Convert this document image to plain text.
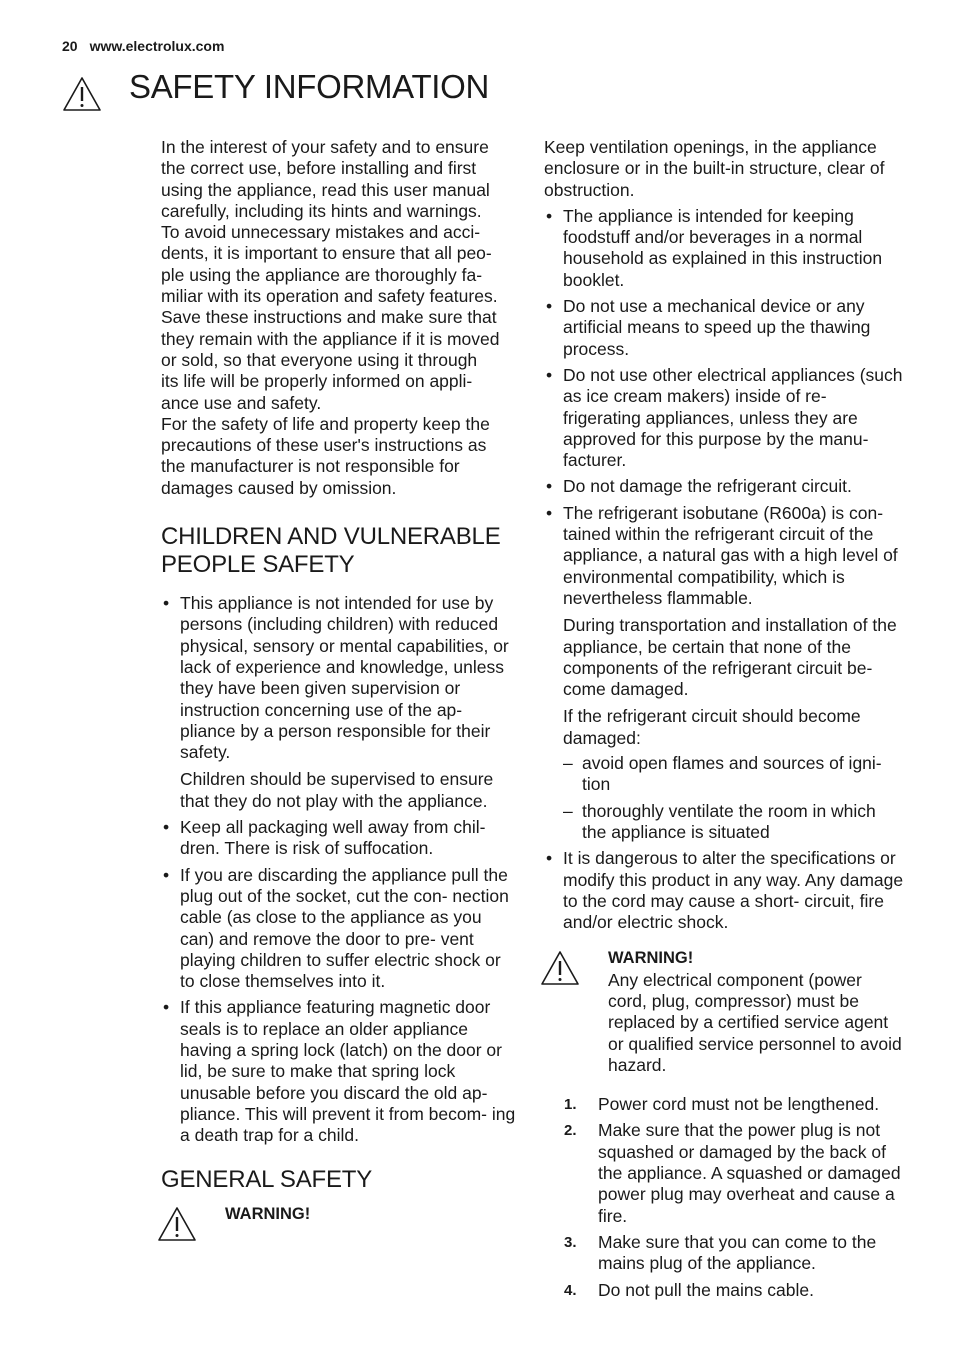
20 www.electrolux.com
SAFETY INFORMATION

In the interest of your safety and to ensure
the correct use, before installing and first
using the appliance, read this user manual
carefully, including its hints and warnings.
To avoid unnecessary mistakes and acci-
dents, it is important to ensure that all peo-
ple using the appliance are thoroughly fa-
miliar with its operation and safety features.
Save these instructions and make sure that
they remain with the appliance if it is moved
or sold, so that everyone using it through
its life will be properly informed on appli-
ance use and safety.
For the safety of life and property keep the
precautions of these user's instructions as
the manufacturer is not responsible for
damages caused by omission.

CHILDREN AND VULNERABLE
PEOPLE SAFETY
• This appliance is not intended for use by persons (including children) with reduced physical, sensory or mental capabilities, or lack of experience and knowledge, unless they have been given supervision or instruction concerning use of the ap- pliance by a person responsible for their safety.

Children should be supervised to ensure that they do not play with the appliance.

• Keep all packaging well away from chil- dren. There is risk of suffocation.
• If you are discarding the appliance pull the plug out of the socket, cut the con- nection cable (as close to the appliance as you can) and remove the door to pre- vent playing children to suffer electric shock or to close themselves into it.
• If this appliance featuring magnetic door seals is to replace an older appliance having a spring lock (latch) on the door or lid, be sure to make that spring lock unusable before you discard the old ap- pliance. This will prevent it from becom- ing a death trap for a child.
GENERAL SAFETY
WARNING!

Keep ventilation openings, in the appliance enclosure or in the built-in structure, clear of obstruction.

• The appliance is intended for keeping foodstuff and/or beverages in a normal household as explained in this instruction booklet.
• Do not use a mechanical device or any artificial means to speed up the thawing process.
• Do not use other electrical appliances (such as ice cream makers) inside of re- frigerating appliances, unless they are approved for this purpose by the manu- facturer.
• Do not damage the refrigerant circuit.
• The refrigerant isobutane (R600a) is con- tained within the refrigerant circuit of the appliance, a natural gas with a high level of environmental compatibility, which is nevertheless flammable.

During transportation and installation of the appliance, be certain that none of the components of the refrigerant circuit be- come damaged.

If the refrigerant circuit should become damaged:

– avoid open flames and sources of igni- tion
– thoroughly ventilate the room in which the appliance is situated
• It is dangerous to alter the specifications or modify this product in any way. Any damage to the cord may cause a short- circuit, fire and/or electric shock.
WARNING!

Any electrical component (power cord, plug, compressor) must be replaced by a certified service agent or qualified service personnel to avoid hazard.

1. Power cord must not be lengthened.
2. Make sure that the power plug is not squashed or damaged by the back of the appliance. A squashed or damaged power plug may overheat and cause a fire.
3. Make sure that you can come to the mains plug of the appliance.
4. Do not pull the mains cable.
